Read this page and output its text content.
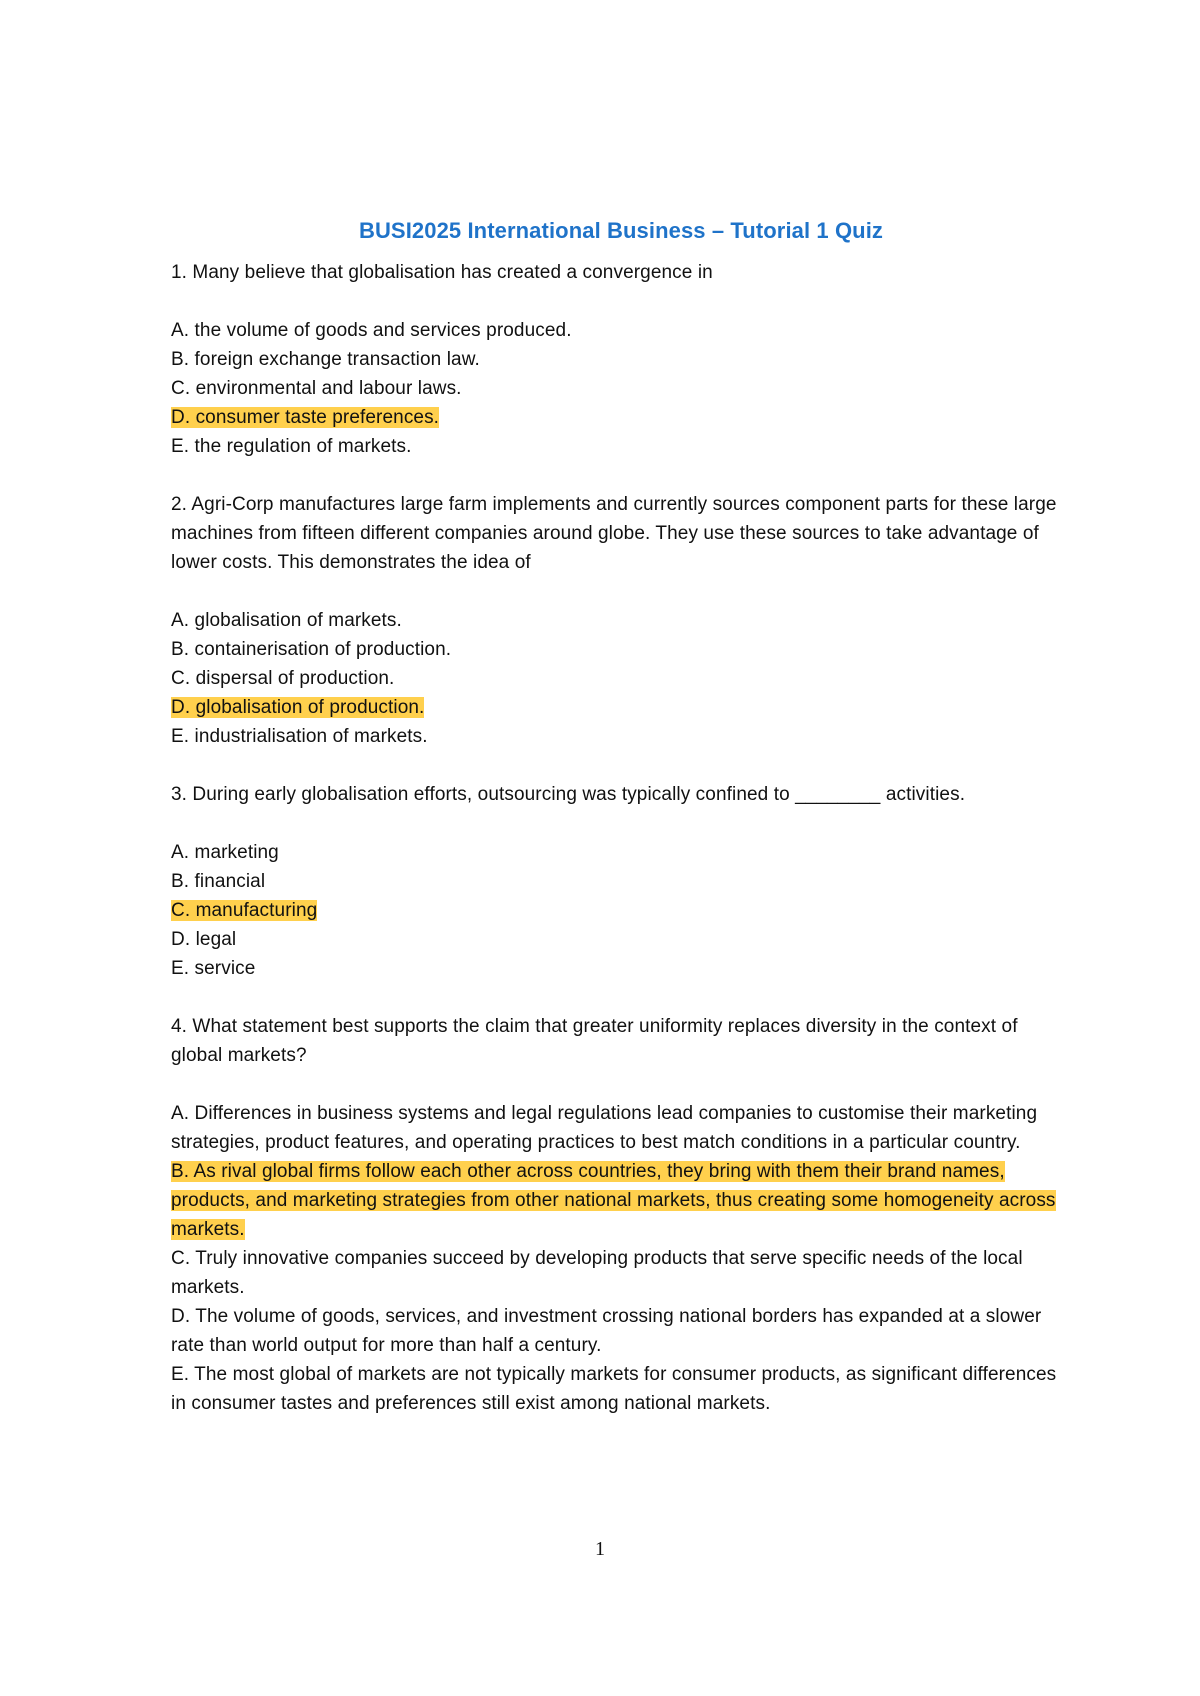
BUSI2025 International Business – Tutorial 1 Quiz

1. Many believe that globalisation has created a convergence in

A. the volume of goods and services produced.

B. foreign exchange transaction law.

C. environmental and labour laws.

D. consumer taste preferences.

E. the regulation of markets.

2. Agri-Corp manufactures large farm implements and currently sources component parts for these large machines from fifteen different companies around globe. They use these sources to take advantage of lower costs. This demonstrates the idea of

A. globalisation of markets.

B. containerisation of production.

C. dispersal of production.

D. globalisation of production.

E. industrialisation of markets.

3. During early globalisation efforts, outsourcing was typically confined to ________ activities.

A. marketing

B. financial

C. manufacturing

D. legal

E. service

4. What statement best supports the claim that greater uniformity replaces diversity in the context of global markets?

A. Differences in business systems and legal regulations lead companies to customise their marketing strategies, product features, and operating practices to best match conditions in a particular country.

B. As rival global firms follow each other across countries, they bring with them their brand names, products, and marketing strategies from other national markets, thus creating some homogeneity across markets.

C. Truly innovative companies succeed by developing products that serve specific needs of the local markets.

D. The volume of goods, services, and investment crossing national borders has expanded at a slower rate than world output for more than half a century.

E. The most global of markets are not typically markets for consumer products, as significant differences in consumer tastes and preferences still exist among national markets.

1
